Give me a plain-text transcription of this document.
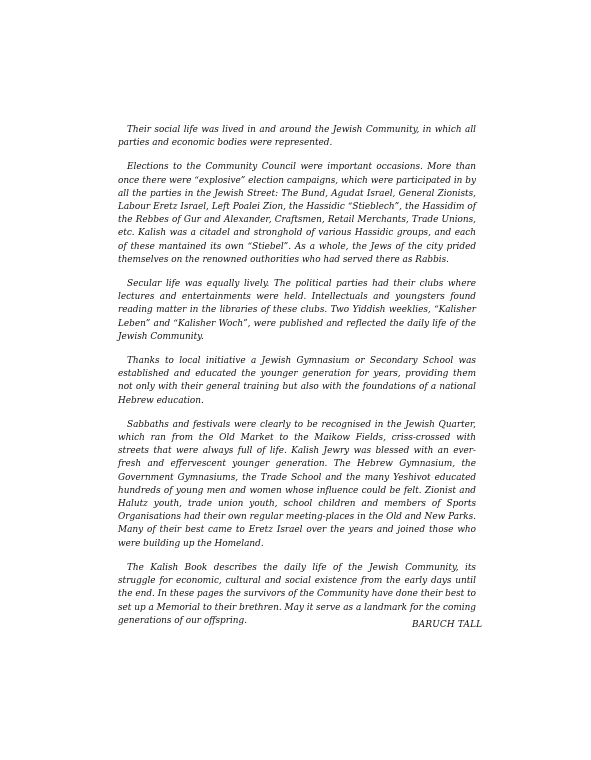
Their social life was lived in and around the Jewish Community, in which all parties and economic bodies were represented.

Elections to the Community Council were important occasions. More than once there were “explosive” election campaigns, which were participated in by all the parties in the Jewish Street: The Bund, Agudat Israel, General Zionists, Labour Eretz Israel, Left Poalei Zion, the Hassidic “Stieblech”, the Hassidim of the Rebbes of Gur and Alexander, Craftsmen, Retail Merchants, Trade Unions, etc. Kalish was a citadel and stronghold of various Hassidic groups, and each of these mantained its own “Stiebel”. As a whole, the Jews of the city prided themselves on the renowned outhorities who had served there as Rabbis.

Secular life was equally lively. The political parties had their clubs where lectures and entertainments were held. Intellectuals and youngsters found reading matter in the libraries of these clubs. Two Yiddish weeklies, “Kalisher Leben” and “Kalisher Woch”, were published and reflected the daily life of the Jewish Community.

Thanks to local initiative a Jewish Gymnasium or Secondary School was established and educated the younger generation for years, providing them not only with their general training but also with the foundations of a national Hebrew education.

Sabbaths and festivals were clearly to be recognised in the Jewish Quarter, which ran from the Old Market to the Maikow Fields, criss-crossed with streets that were always full of life. Kalish Jewry was blessed with an ever-fresh and effervescent younger generation. The Hebrew Gymnasium, the Government Gymnasiums, the Trade School and the many Yeshivot educated hundreds of young men and women whose influence could be felt. Zionist and Halutz youth, trade union youth, school children and members of Sports Organisations had their own regular meeting-places in the Old and New Parks. Many of their best came to Eretz Israel over the years and joined those who were building up the Homeland.

The Kalish Book describes the daily life of the Jewish Community, its struggle for economic, cultural and social existence from the early days until the end. In these pages the survivors of the Community have done their best to set up a Memorial to their brethren. May it serve as a landmark for the coming generations of our offspring.	BARUCH TALL
